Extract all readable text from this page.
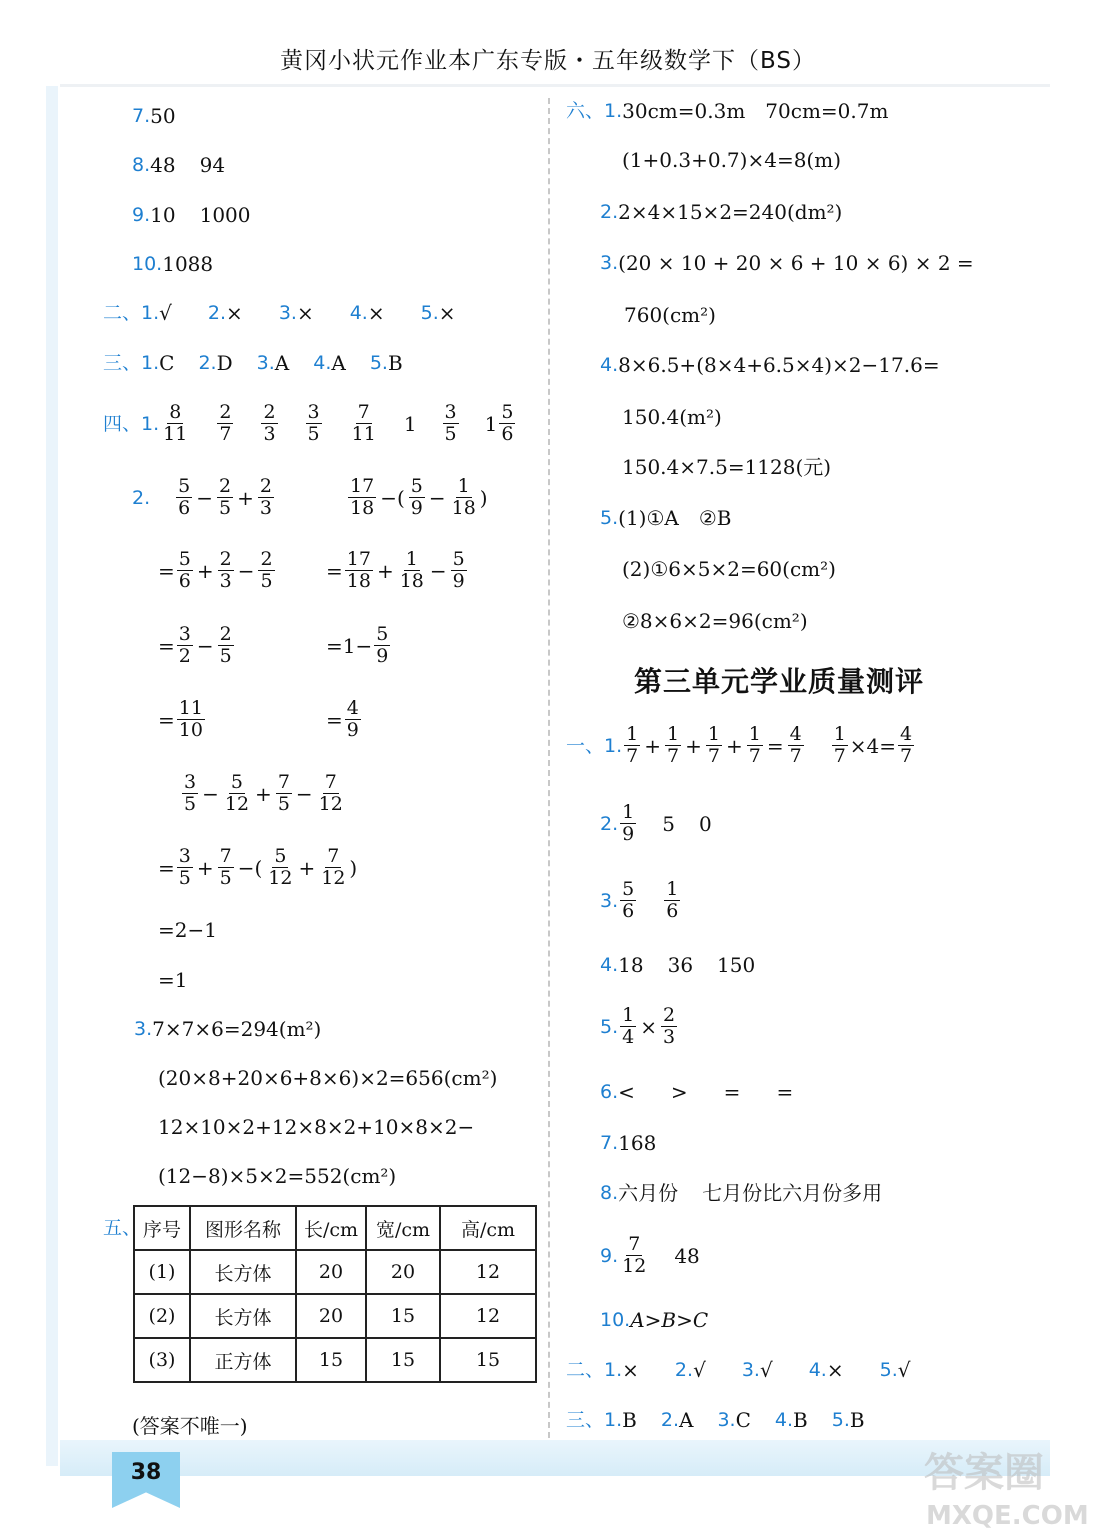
黄冈小状元作业本广东专版・五年级数学下（BS）
7. 50
8. 48 94
9. 10 1000
10. 1088
二、 1. √ 2. × 3. × 4. × 5. ×
三、 1. C 2. D 3. A 4. A 5. B
四、 1. $\frac{8}{11} \frac{2}{7} \frac{2}{3} \frac{3}{5} \frac{7}{11} 1 \frac{3}{5} 1 \frac{5}{6}$
2. $\frac{5}{6} - \frac{2}{5} + \frac{2}{3}$	$\frac{17}{18}$ −( $\frac{5}{9} - \frac{1}{18}$ )
= $\frac{5}{6} + \frac{2}{3} - \frac{2}{5}$	= $\frac{17}{18} + \frac{1}{18} - \frac{5}{9}$
= $\frac{3}{2} - \frac{2}{5}$	$=1- \frac{5}{9}$
= $\frac{11}{10}$	= $\frac{4}{9}$
$\frac{3}{5} - \frac{5}{12} + \frac{7}{5} - \frac{7}{12}$
= $\frac{3}{5} + \frac{7}{5}$ −( $\frac{5}{12} + \frac{7}{12}$ )
=2−1
=1
3. 7×7×6=294(m²)
(20×8+20×6+8×6)×2=656(cm²)
12×10×2+12×8×2+10×8×2−
(12−8)×5×2=552(cm²)
五、 序号	图形名称	长/cm	宽/cm	高/cm
(1)	长方体	20	20	12
(2)	长方体	20	15	12
(3)	正方体	15	15	15
(答案不唯一)
六、 1. 30cm=0.3m　70cm=0.7m
(1+0.3+0.7)×4=8(m)
2. 2×4×15×2=240(dm²)
3. (20 × 10 + 20 × 6 + 10 × 6) × 2 =
760(cm²)
4. 8×6.5+(8×4+6.5×4)×2−17.6=
150.4(m²)
150.4×7.5=1128(元)
5. (1)①A　②B
(2)①6×5×2=60(cm²)
②8×6×2=96(cm²)
第三单元学业质量测评
一、 1. $\frac{1}{7} + \frac{1}{7} + \frac{1}{7} + \frac{1}{7} = \frac{4}{7} \frac{1}{7} \times 4= \frac{4}{7}$
2. $\frac{1}{9} 5$ 0
3. $\frac{5}{6} \frac{1}{6}$
4. 18 36 150
5. $\frac{1}{4} \times \frac{2}{3}$
6. < > = =
7. 168
8. 六月份 七月份比六月份多用
9. $\frac{7}{12} 48$
10. A>B>C
二、 1. × 2. √ 3. √ 4. × 5. √
三、 1. B 2. A 3. C 4. B 5. B
38	答案圈
MXQE.COM
